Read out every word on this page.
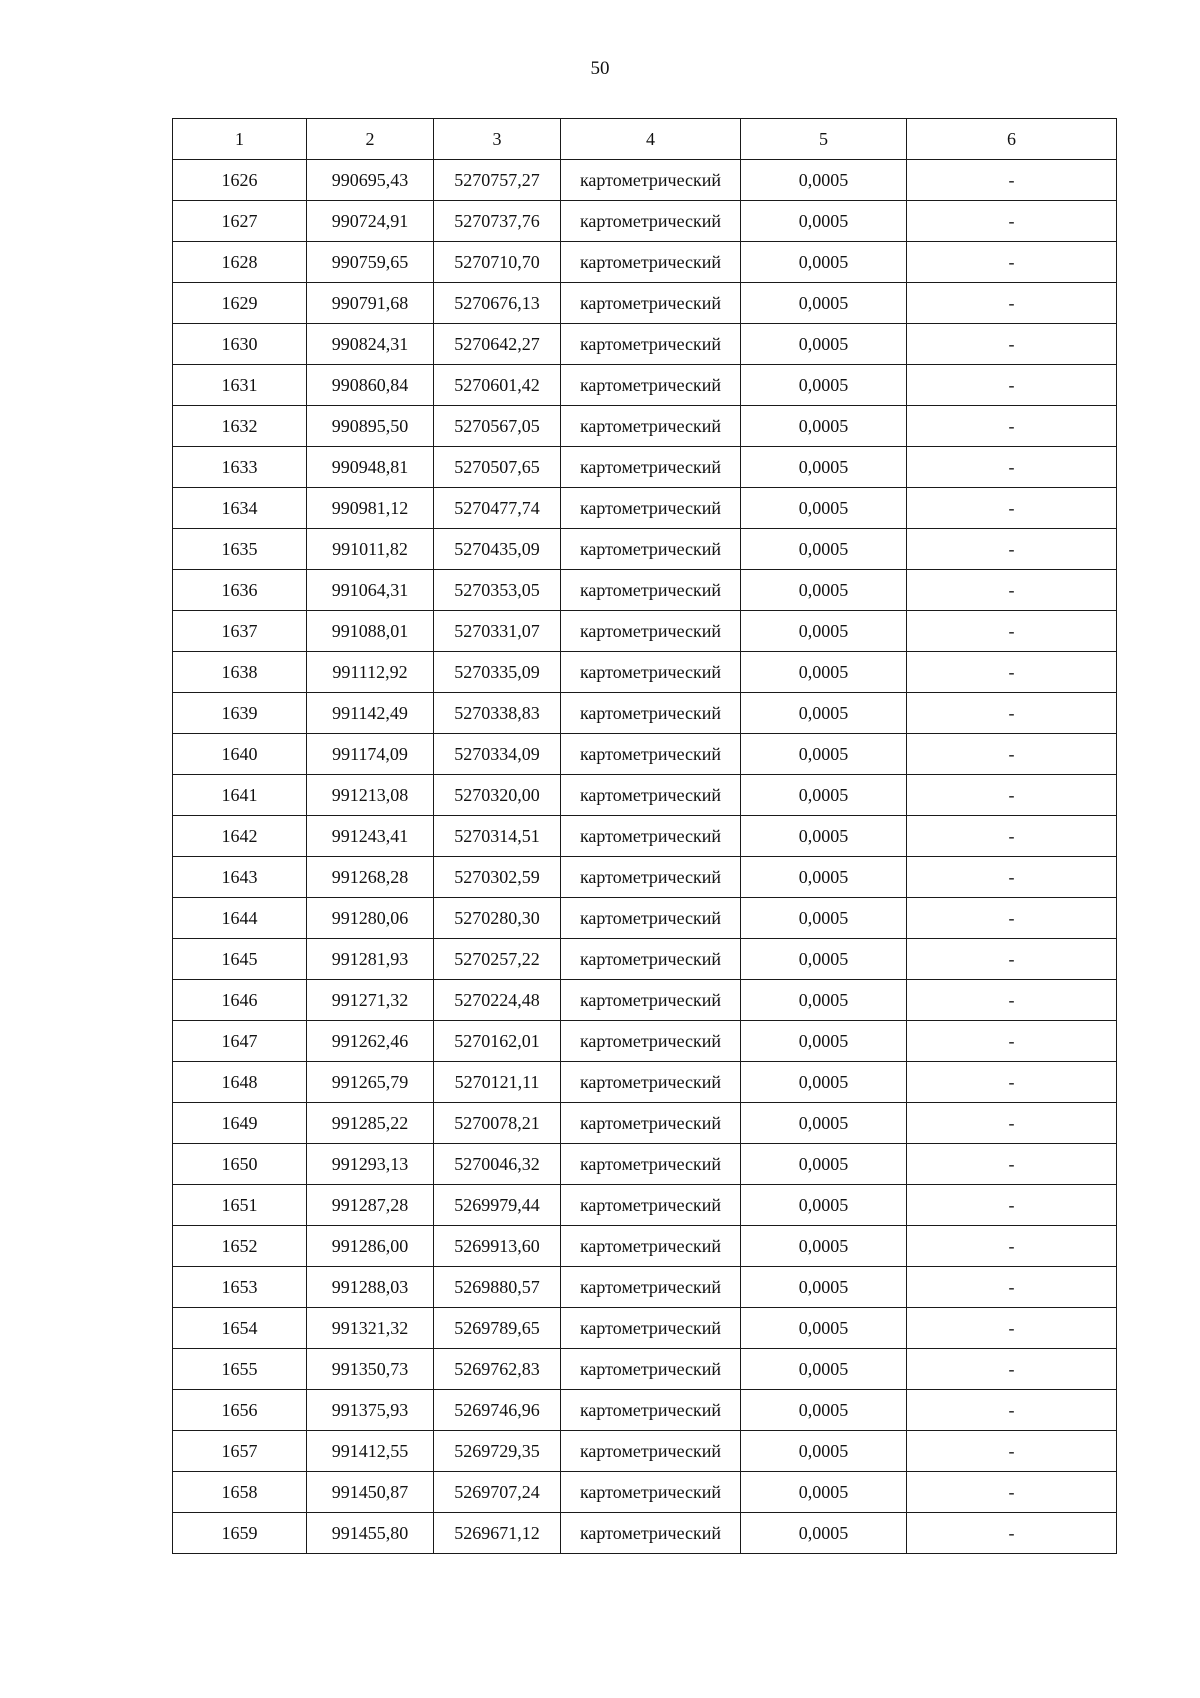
50
1	2	3	4	5	6
1626	990695,43	5270757,27	картометрический	0,0005	-
1627	990724,91	5270737,76	картометрический	0,0005	-
1628	990759,65	5270710,70	картометрический	0,0005	-
1629	990791,68	5270676,13	картометрический	0,0005	-
1630	990824,31	5270642,27	картометрический	0,0005	-
1631	990860,84	5270601,42	картометрический	0,0005	-
1632	990895,50	5270567,05	картометрический	0,0005	-
1633	990948,81	5270507,65	картометрический	0,0005	-
1634	990981,12	5270477,74	картометрический	0,0005	-
1635	991011,82	5270435,09	картометрический	0,0005	-
1636	991064,31	5270353,05	картометрический	0,0005	-
1637	991088,01	5270331,07	картометрический	0,0005	-
1638	991112,92	5270335,09	картометрический	0,0005	-
1639	991142,49	5270338,83	картометрический	0,0005	-
1640	991174,09	5270334,09	картометрический	0,0005	-
1641	991213,08	5270320,00	картометрический	0,0005	-
1642	991243,41	5270314,51	картометрический	0,0005	-
1643	991268,28	5270302,59	картометрический	0,0005	-
1644	991280,06	5270280,30	картометрический	0,0005	-
1645	991281,93	5270257,22	картометрический	0,0005	-
1646	991271,32	5270224,48	картометрический	0,0005	-
1647	991262,46	5270162,01	картометрический	0,0005	-
1648	991265,79	5270121,11	картометрический	0,0005	-
1649	991285,22	5270078,21	картометрический	0,0005	-
1650	991293,13	5270046,32	картометрический	0,0005	-
1651	991287,28	5269979,44	картометрический	0,0005	-
1652	991286,00	5269913,60	картометрический	0,0005	-
1653	991288,03	5269880,57	картометрический	0,0005	-
1654	991321,32	5269789,65	картометрический	0,0005	-
1655	991350,73	5269762,83	картометрический	0,0005	-
1656	991375,93	5269746,96	картометрический	0,0005	-
1657	991412,55	5269729,35	картометрический	0,0005	-
1658	991450,87	5269707,24	картометрический	0,0005	-
1659	991455,80	5269671,12	картометрический	0,0005	-
